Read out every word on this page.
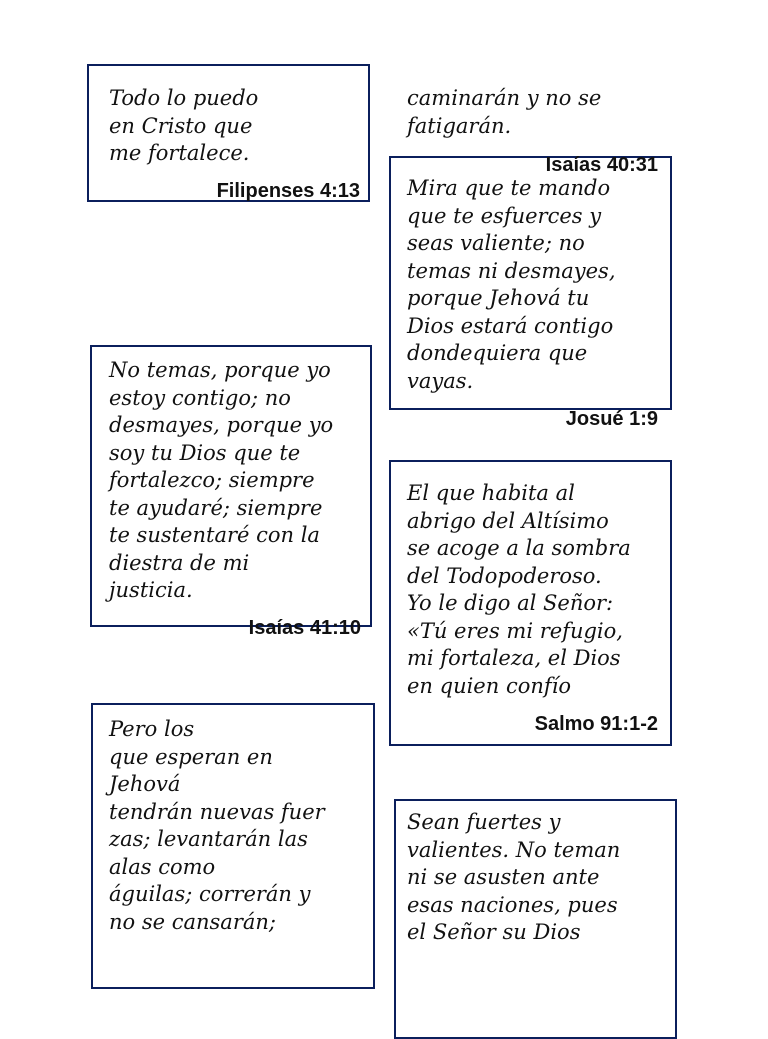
Todo lo puedo
en Cristo que
me fortalece.
Filipenses 4:13
caminarán y no se
fatigarán.
Isaías 40:31
Mira que te mando
que te esfuerces y
seas valiente; no
temas ni desmayes,
porque Jehová tu
Dios estará contigo
dondequiera que
vayas.
Josué 1:9
No temas, porque yo
estoy contigo; no
desmayes, porque yo
soy tu Dios que te
fortalezco; siempre
te ayudaré; siempre
te sustentaré con la
diestra de mi
justicia.
Isaías 41:10
El que habita al
abrigo del Altísimo
se acoge a la sombra
del Todopoderoso.
Yo le digo al Señor:
«Tú eres mi refugio,
mi fortaleza, el Dios
en quien confío
Salmo 91:1-2
Pero los
que esperan en
Jehová
tendrán nuevas fuer
zas; levantarán las
alas como
águilas; correrán y
no se cansarán;
Sean fuertes y
valientes. No teman
ni se asusten ante
esas naciones, pues
el Señor su Dios
